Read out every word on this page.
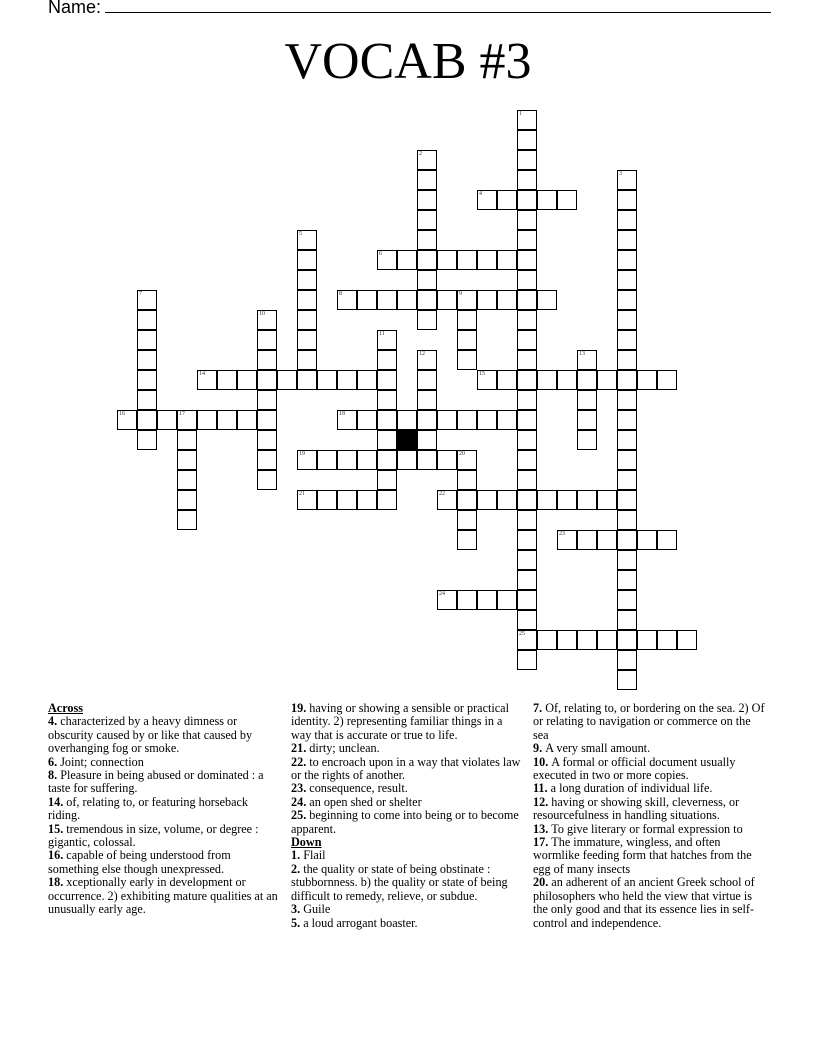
Name:
VOCAB #3
1
25
2
3
4
5
6
7	8	9
10
11
12	13
14	15
16	17	18
19	20
21	22
23
24
Across
4. characterized by a heavy dimness or obscurity caused by or like that caused by overhanging fog or smoke.
6. Joint; connection
8. Pleasure in being abused or dominated : a taste for suffering.
14. of, relating to, or featuring horseback riding.
15. tremendous in size, volume, or degree : gigantic, colossal.
16. capable of being understood from something else though unexpressed.
18. xceptionally early in development or occurrence. 2) exhibiting mature qualities at an unusually early age.
19. having or showing a sensible or practical identity. 2) representing familiar things in a way that is accurate or true to life.
21. dirty; unclean.
22. to encroach upon in a way that violates law or the rights of another.
23. consequence, result.
24. an open shed or shelter
25. beginning to come into being or to become apparent.
Down
1. Flail
2. the quality or state of being obstinate : stubbornness. b) the quality or state of being difficult to remedy, relieve, or subdue.
3. Guile
5. a loud arrogant boaster.
7. Of, relating to, or bordering on the sea. 2) Of or relating to navigation or commerce on the sea
9. A very small amount.
10. A formal or official document usually executed in two or more copies.
11. a long duration of individual life.
12. having or showing skill, cleverness, or resourcefulness in handling situations.
13. To give literary or formal expression to
17. The immature, wingless, and often wormlike feeding form that hatches from the egg of many insects
20. an adherent of an ancient Greek school of philosophers who held the view that virtue is the only good and that its essence lies in self-control and independence.
